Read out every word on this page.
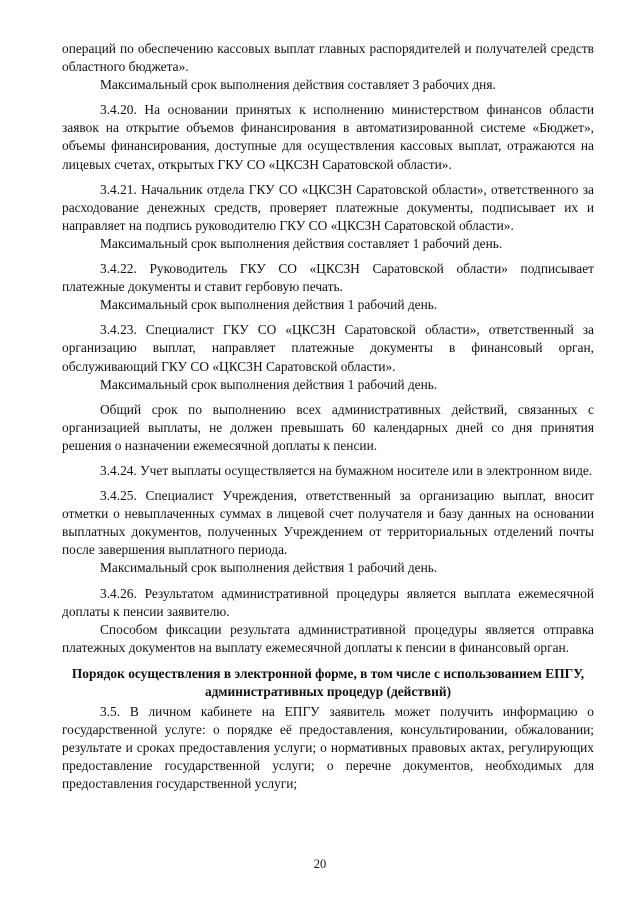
операций по обеспечению кассовых выплат главных распорядителей и получателей средств областного бюджета».

Максимальный срок выполнения действия составляет 3 рабочих дня.

3.4.20. На основании принятых к исполнению министерством финансов области заявок на открытие объемов финансирования в автоматизированной системе «Бюджет», объемы финансирования, доступные для осуществления кассовых выплат, отражаются на лицевых счетах, открытых ГКУ СО «ЦКСЗН Саратовской области».

3.4.21. Начальник отдела ГКУ СО «ЦКСЗН Саратовской области», ответственного за расходование денежных средств, проверяет платежные документы, подписывает их и направляет на подпись руководителю ГКУ СО «ЦКСЗН Саратовской области».

Максимальный срок выполнения действия составляет 1 рабочий день.

3.4.22. Руководитель ГКУ СО «ЦКСЗН Саратовской области» подписывает платежные документы и ставит гербовую печать.

Максимальный срок выполнения действия 1 рабочий день.

3.4.23. Специалист ГКУ СО «ЦКСЗН Саратовской области», ответственный за организацию выплат, направляет платежные документы в финансовый орган, обслуживающий ГКУ СО «ЦКСЗН Саратовской области».

Максимальный срок выполнения действия 1 рабочий день.

Общий срок по выполнению всех административных действий, связанных с организацией выплаты, не должен превышать 60 календарных дней со дня принятия решения о назначении ежемесячной доплаты к пенсии.

3.4.24. Учет выплаты осуществляется на бумажном носителе или в электронном виде.

3.4.25. Специалист Учреждения, ответственный за организацию выплат, вносит отметки о невыплаченных суммах в лицевой счет получателя и базу данных на основании выплатных документов, полученных Учреждением от территориальных отделений почты после завершения выплатного периода.

Максимальный срок выполнения действия 1 рабочий день.

3.4.26. Результатом административной процедуры является выплата ежемесячной доплаты к пенсии заявителю.

Способом фиксации результата административной процедуры является отправка платежных документов на выплату ежемесячной доплаты к пенсии в финансовый орган.

Порядок осуществления в электронной форме, в том числе с использованием ЕПГУ, административных процедур (действий)

3.5. В личном кабинете на ЕПГУ заявитель может получить информацию о государственной услуге: о порядке её предоставления, консультировании, обжаловании; результате и сроках предоставления услуги; о нормативных правовых актах, регулирующих предоставление государственной услуги; о перечне документов, необходимых для предоставления государственной услуги;

20
